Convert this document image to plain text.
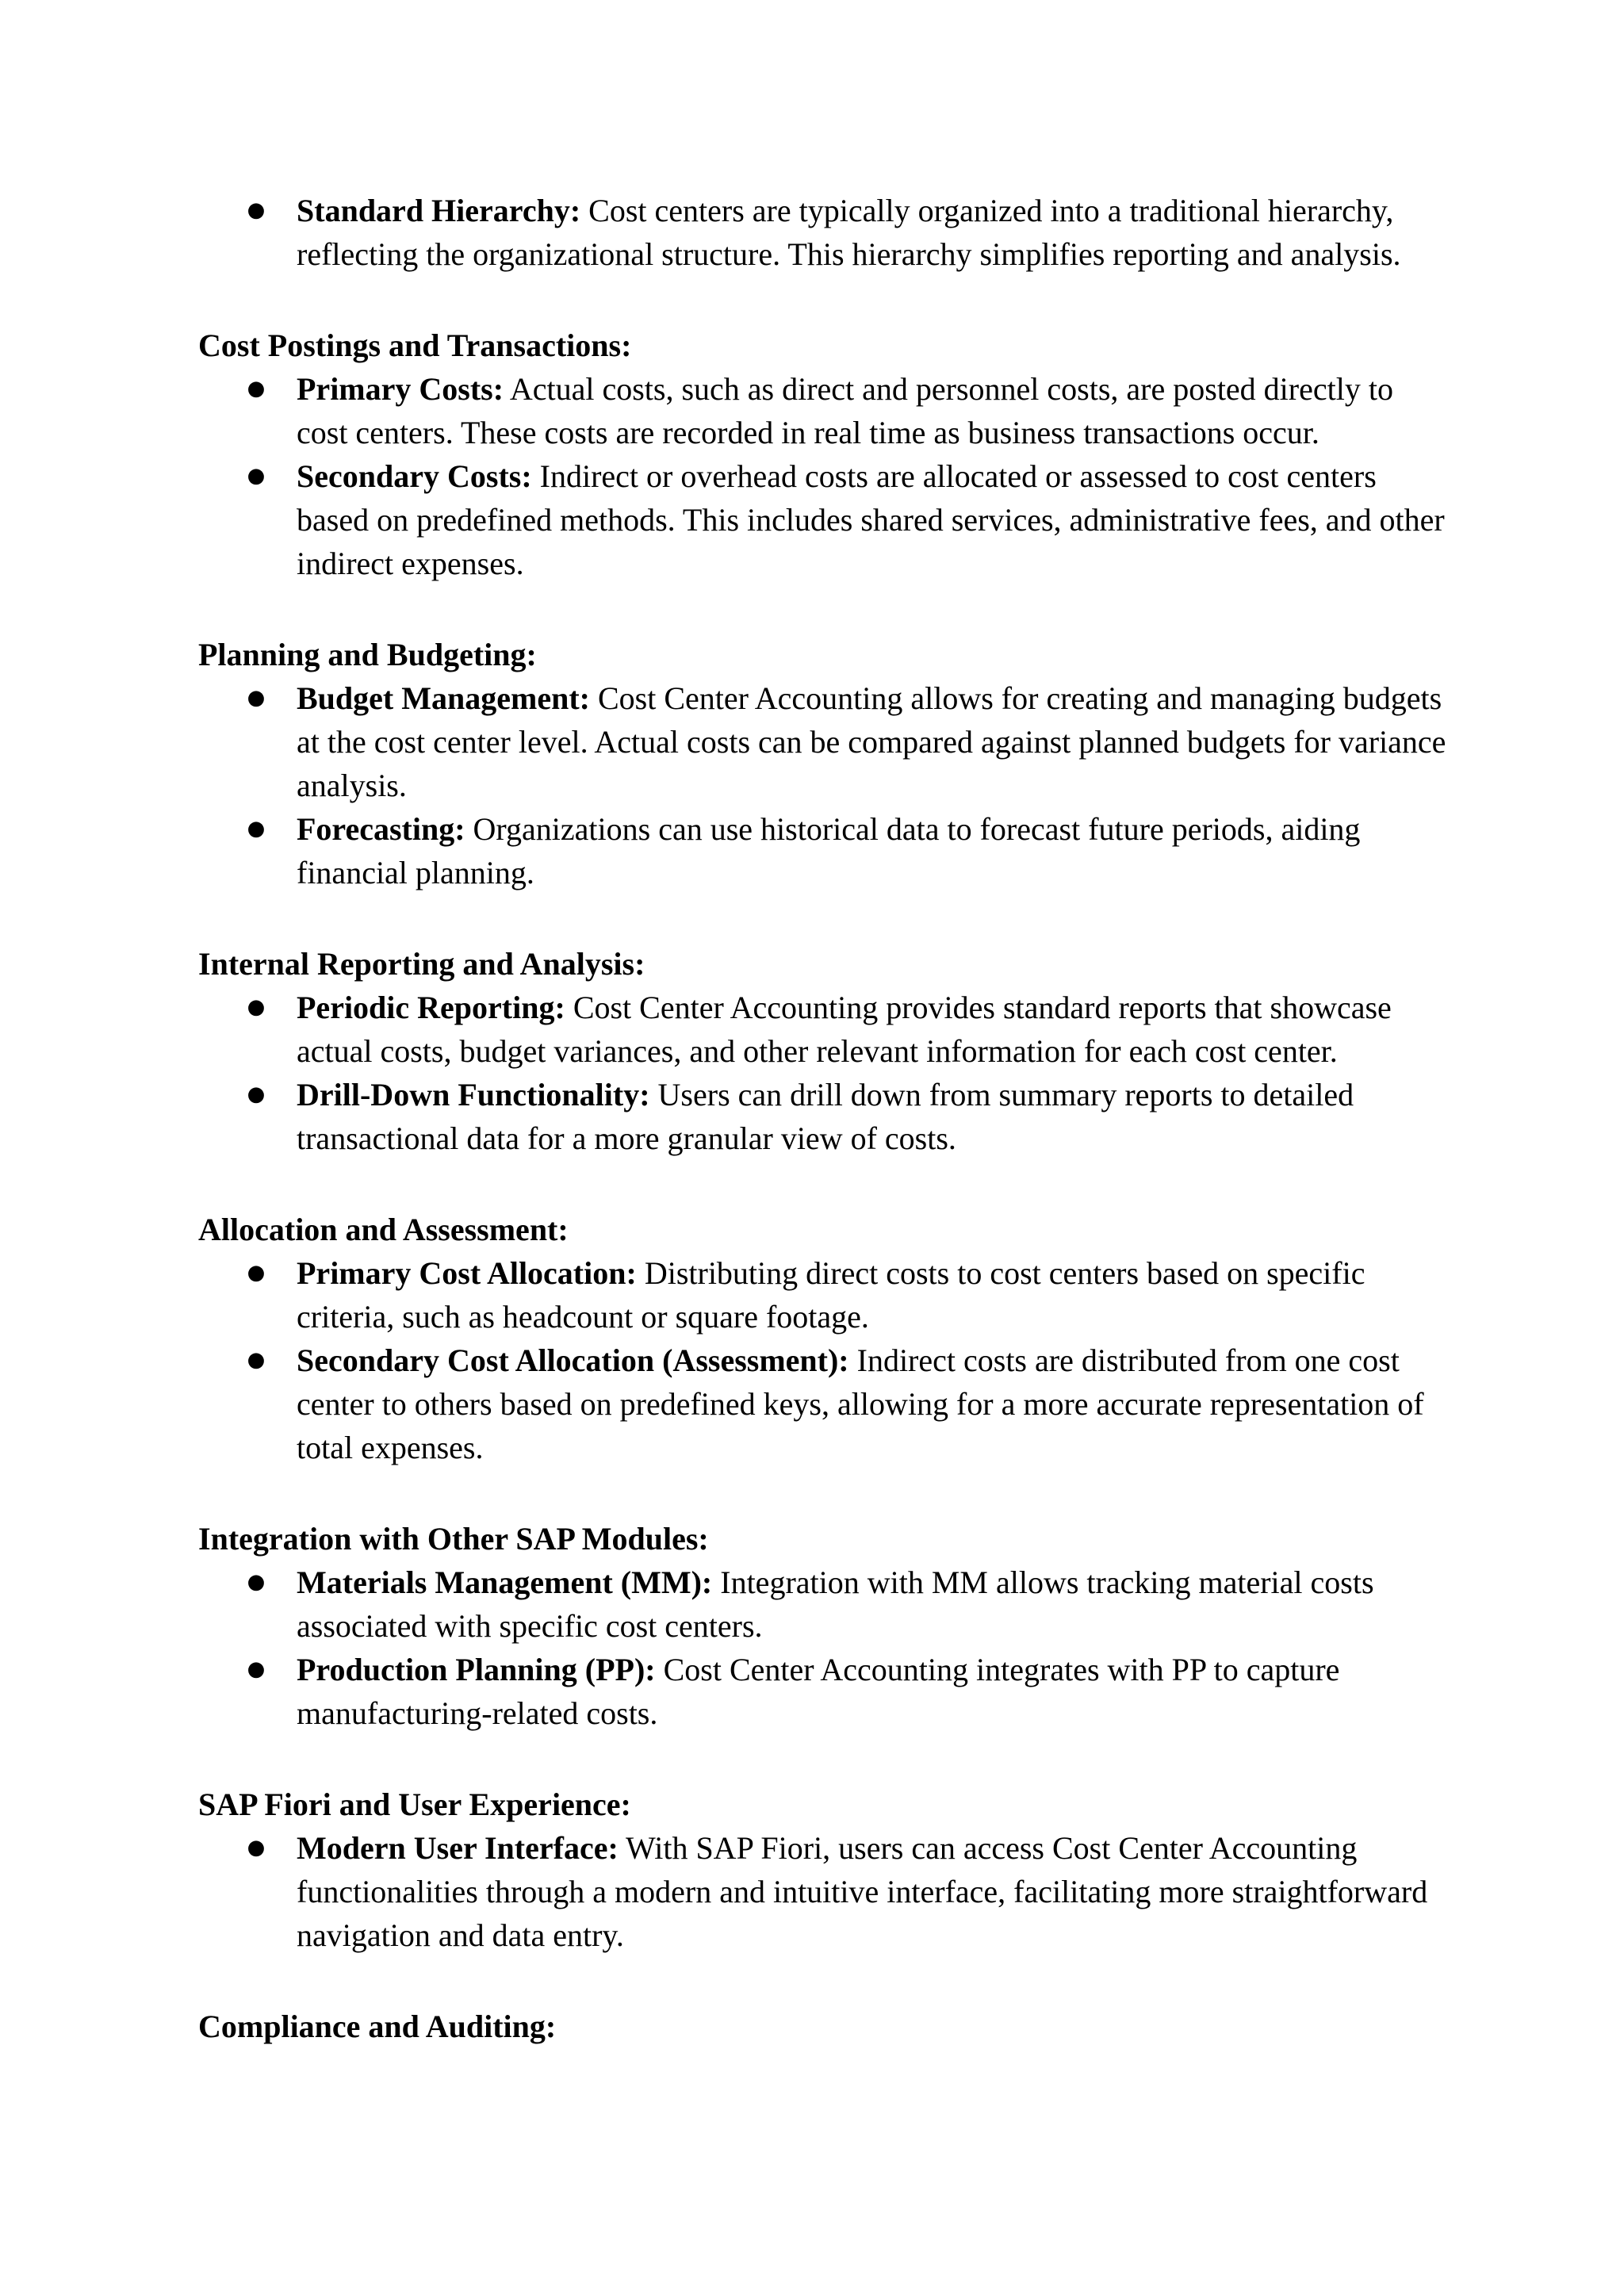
● Standard Hierarchy: Cost centers are typically organized into a traditional hierarchy, reflecting the organizational structure. This hierarchy simplifies reporting and analysis.

Cost Postings and Transactions:

● Primary Costs: Actual costs, such as direct and personnel costs, are posted directly to cost centers. These costs are recorded in real time as business transactions occur.
● Secondary Costs: Indirect or overhead costs are allocated or assessed to cost centers based on predefined methods. This includes shared services, administrative fees, and other indirect expenses.

Planning and Budgeting:

● Budget Management: Cost Center Accounting allows for creating and managing budgets at the cost center level. Actual costs can be compared against planned budgets for variance analysis.
● Forecasting: Organizations can use historical data to forecast future periods, aiding financial planning.

Internal Reporting and Analysis:

● Periodic Reporting: Cost Center Accounting provides standard reports that showcase actual costs, budget variances, and other relevant information for each cost center.
● Drill-Down Functionality: Users can drill down from summary reports to detailed transactional data for a more granular view of costs.

Allocation and Assessment:

● Primary Cost Allocation: Distributing direct costs to cost centers based on specific criteria, such as headcount or square footage.
● Secondary Cost Allocation (Assessment): Indirect costs are distributed from one cost center to others based on predefined keys, allowing for a more accurate representation of total expenses.

Integration with Other SAP Modules:

● Materials Management (MM): Integration with MM allows tracking material costs associated with specific cost centers.
● Production Planning (PP): Cost Center Accounting integrates with PP to capture manufacturing-related costs.

SAP Fiori and User Experience:

● Modern User Interface: With SAP Fiori, users can access Cost Center Accounting functionalities through a modern and intuitive interface, facilitating more straightforward navigation and data entry.

Compliance and Auditing:
